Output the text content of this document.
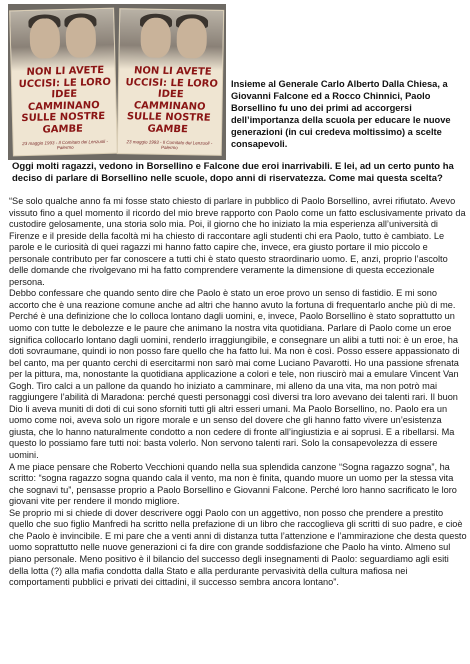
NON LI AVETE UCCISI: LE LORO IDEE CAMMINANO SULLE NOSTRE GAMBE
23 maggio 1993 - Il Comitato dei Lenzuoli - Palermo
NON LI AVETE UCCISI: LE LORO IDEE CAMMINANO SULLE NOSTRE GAMBE
23 maggio 1993 - Il Comitato dei Lenzuoli - Palermo

Insieme al Generale Carlo Alberto Dalla Chiesa, a Giovanni Falcone ed a Rocco Chinnici, Paolo Borsellino fu uno dei primi ad accorgersi dell’importanza della scuola per educare le nuove generazioni (in cui credeva moltissimo) a scelte consapevoli.

Oggi molti ragazzi, vedono in Borsellino e Falcone due eroi inarrivabili. E lei, ad un certo punto ha deciso di parlare di Borsellino nelle scuole, dopo anni di riservatezza. Come mai questa scelta?

“Se solo qualche anno fa mi fosse stato chiesto di parlare in pubblico di Paolo Borsellino, avrei rifiutato. Avevo vissuto fino a quel momento il ricordo del mio breve rapporto con Paolo come un fatto esclusivamente privato da custodire gelosamente, una storia solo mia. Poi, il giorno che ho iniziato la mia esperienza all’università di Firenze e il preside della facoltà mi ha chiesto di raccontare agli studenti chi era Paolo, tutto è cambiato. Le parole e le curiosità di quei ragazzi mi hanno fatto capire che, invece, era giusto portare il mio piccolo e personale contributo per far conoscere a tutti chi è stato questo straordinario uomo. E, anzi, proprio l’ascolto delle domande che rivolgevano mi ha fatto comprendere veramente la dimensione di questa eccezionale persona.

Debbo confessare che quando sento dire che Paolo è stato un eroe provo un senso di fastidio. E mi sono accorto che è una reazione comune anche ad altri che hanno avuto la fortuna di frequentarlo anche più di me. Perché è una definizione che lo colloca lontano dagli uomini, e, invece, Paolo Borsellino è stato soprattutto un uomo con tutte le debolezze e le paure che animano la nostra vita quotidiana. Parlare di Paolo come un eroe significa collocarlo lontano dagli uomini, renderlo irraggiungibile, e consegnare un alibi a tutti noi: è un eroe, ha doti sovraumane, quindi io non posso fare quello che ha fatto lui. Ma non è così. Posso essere appassionato di bel canto, ma per quanto cerchi di esercitarmi non sarò mai come Luciano Pavarotti. Ho una passione sfrenata per la pittura, ma, nonostante la quotidiana applicazione a colori e tele, non riuscirò mai a emulare Vincent Van Gogh. Tiro calci a un pallone da quando ho iniziato a camminare, mi alleno da una vita, ma non potrò mai raggiungere l’abilità di Maradona: perché questi personaggi così diversi tra loro avevano dei talenti rari. Il buon Dio li aveva muniti di doti di cui sono sforniti tutti gli altri esseri umani. Ma Paolo Borsellino, no. Paolo era un uomo come noi, aveva solo un rigore morale e un senso del dovere che gli hanno fatto vivere un’esistenza giusta, che lo hanno naturalmente condotto a non cedere di fronte all’ingiustizia e ai soprusi. E a ribellarsi. Ma questo lo possiamo fare tutti noi: basta volerlo. Non servono talenti rari. Solo la consapevolezza di essere uomini.

A me piace pensare che Roberto Vecchioni quando nella sua splendida canzone “Sogna ragazzo sogna”, ha scritto: “sogna ragazzo sogna quando cala il vento, ma non è finita, quando muore un uomo per la stessa vita che sognavi tu”, pensasse proprio a Paolo Borsellino e Giovanni Falcone. Perché loro hanno sacrificato le loro giovani vite per rendere il mondo migliore.

Se proprio mi si chiede di dover descrivere oggi Paolo con un aggettivo, non posso che prendere a prestito quello che suo figlio Manfredi ha scritto nella prefazione di un libro che raccoglieva gli scritti di suo padre, e cioè che Paolo è invincibile. E mi pare che a venti anni di distanza tutta l’attenzione e l’ammirazione che desta questo uomo soprattutto nelle nuove generazioni ci fa dire con grande soddisfazione che Paolo ha vinto. Almeno sul piano personale. Meno positivo è il bilancio del successo degli insegnamenti di Paolo: seguardiamo agli esiti della lotta (?) alla mafia condotta dalla Stato e alla perdurante pervasività della cultura mafiosa nei comportamenti pubblici e privati dei cittadini, il successo sembra ancora lontano”.
